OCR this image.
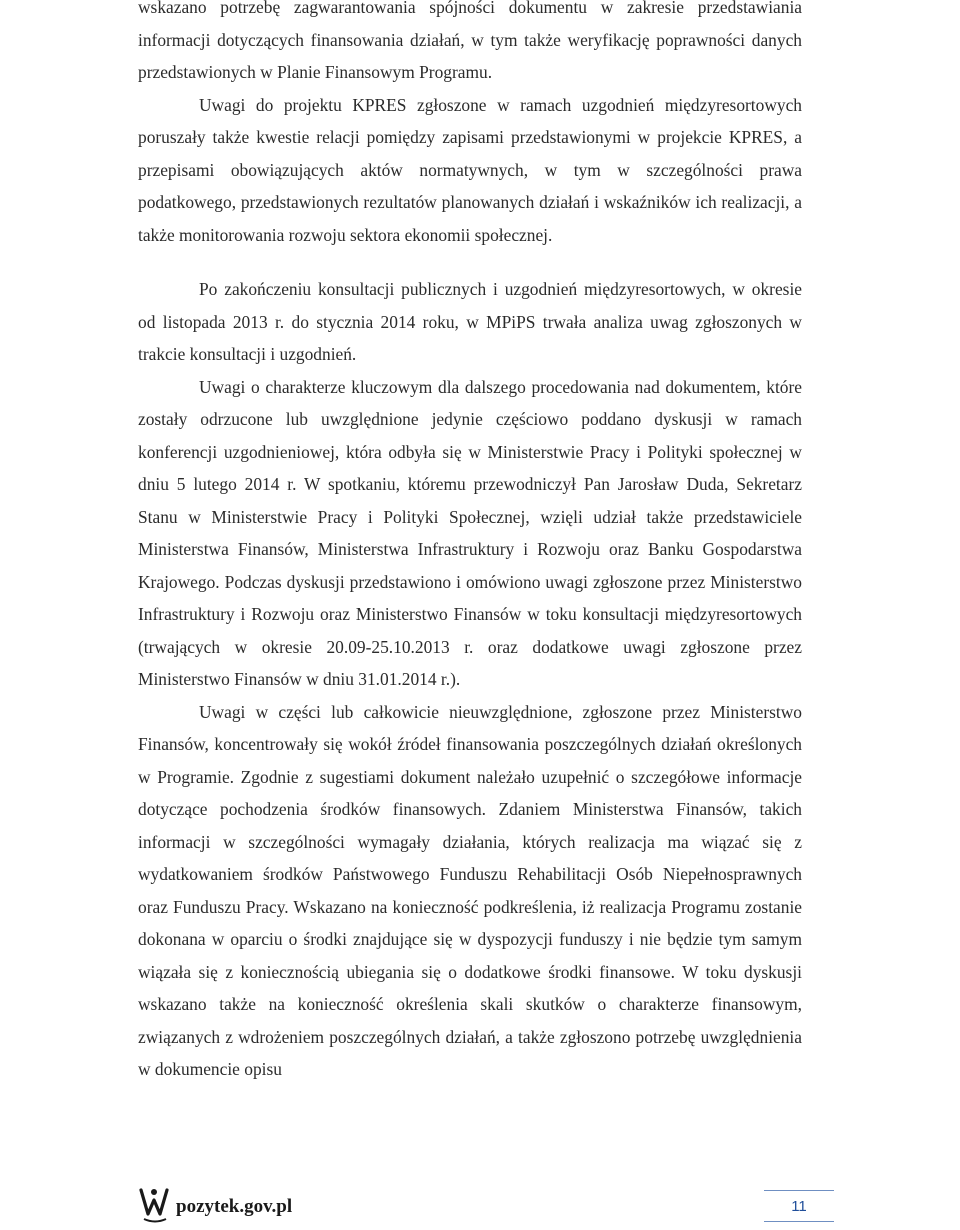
wskazano potrzebę zagwarantowania spójności dokumentu w zakresie przedstawiania informacji dotyczących finansowania działań, w tym także weryfikację poprawności danych przedstawionych w Planie Finansowym Programu.

Uwagi do projektu KPRES zgłoszone w ramach uzgodnień międzyresortowych poruszały także kwestie relacji pomiędzy zapisami przedstawionymi w projekcie KPRES, a przepisami obowiązujących aktów normatywnych, w tym w szczególności prawa podatkowego, przedstawionych rezultatów planowanych działań i wskaźników ich realizacji, a także monitorowania rozwoju sektora ekonomii społecznej.

Po zakończeniu konsultacji publicznych i uzgodnień międzyresortowych, w okresie od listopada 2013 r. do stycznia 2014 roku, w MPiPS trwała analiza uwag zgłoszonych w trakcie konsultacji i uzgodnień.

Uwagi o charakterze kluczowym dla dalszego procedowania nad dokumentem, które zostały odrzucone lub uwzględnione jedynie częściowo poddano dyskusji w ramach konferencji uzgodnieniowej, która odbyła się w Ministerstwie Pracy i Polityki społecznej w dniu 5 lutego 2014 r. W spotkaniu, któremu przewodniczył Pan Jarosław Duda, Sekretarz Stanu w Ministerstwie Pracy i Polityki Społecznej, wzięli udział także przedstawiciele Ministerstwa Finansów, Ministerstwa Infrastruktury i Rozwoju oraz Banku Gospodarstwa Krajowego. Podczas dyskusji przedstawiono i omówiono uwagi zgłoszone przez Ministerstwo Infrastruktury i Rozwoju oraz Ministerstwo Finansów w toku konsultacji międzyresortowych (trwających w okresie 20.09-25.10.2013 r. oraz dodatkowe uwagi zgłoszone przez Ministerstwo Finansów w dniu 31.01.2014 r.).

Uwagi w części lub całkowicie nieuwzględnione, zgłoszone przez Ministerstwo Finansów, koncentrowały się wokół źródeł finansowania poszczególnych działań określonych w Programie. Zgodnie z sugestiami dokument należało uzupełnić o szczegółowe informacje dotyczące pochodzenia środków finansowych. Zdaniem Ministerstwa Finansów, takich informacji w szczególności wymagały działania, których realizacja ma wiązać się z wydatkowaniem środków Państwowego Funduszu Rehabilitacji Osób Niepełnosprawnych oraz Funduszu Pracy. Wskazano na konieczność podkreślenia, iż realizacja Programu zostanie dokonana w oparciu o środki znajdujące się w dyspozycji funduszy i nie będzie tym samym wiązała się z koniecznością ubiegania się o dodatkowe środki finansowe. W toku dyskusji wskazano także na konieczność określenia skali skutków o charakterze finansowym, związanych z wdrożeniem poszczególnych działań, a także zgłoszono potrzebę uwzględnienia w dokumencie opisu

pozytek.gov.pl	11
